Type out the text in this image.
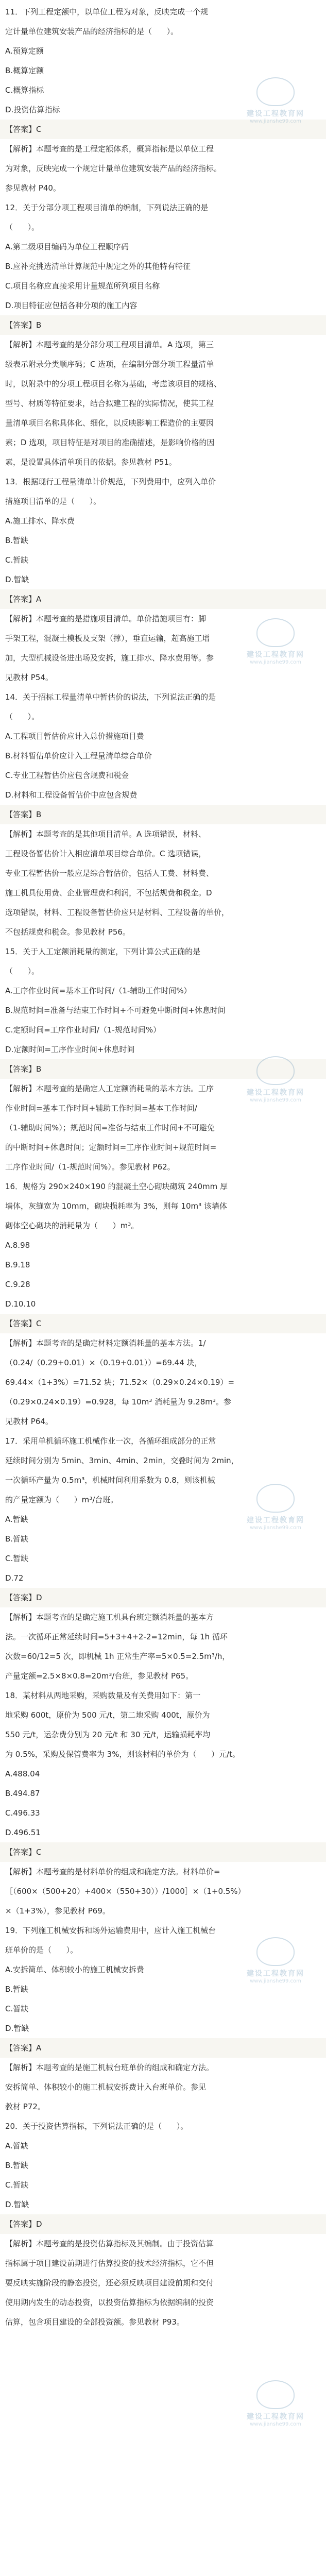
11．下列工程定额中，以单位工程为对象，反映完成一个规

定计量单位建筑安装产品的经济指标的是（      ）。

A.预算定额

B.概算定额

C.概算指标

D.投资估算指标

【答案】C

【解析】本题考查的是工程定额体系，概算指标是以单位工程

为对象，反映完成一个规定计量单位建筑安装产品的经济指标。

参见教材 P40。

12．关于分部分项工程项目清单的编制，下列说法正确的是

（      ）。

A.第二级项目编码为单位工程顺序码

B.应补充挑选清单计算规范中规定之外的其他特有特征

C.项目名称应直接采用计量规范所列项目名称

D.项目特征应包括各种分项的施工内容

【答案】B

【解析】本题考查的是分部分项工程项目清单。A 选项，第三

级表示附录分类顺序码；C 选项，在编制分部分项工程量清单

时，以附录中的分项工程项目名称为基础，考虑该项目的规格、

型号、材质等特征要求，结合拟建工程的实际情况，使其工程

量清单项目名称具体化、细化，以反映影响工程造价的主要因

素；D 选项，项目特征是对项目的准确描述，是影响价格的因

素，是设置具体清单项目的依据。参见教材 P51。

13．根据现行工程量清单计价规范，下列费用中，应列入单价

措施项目清单的是（      ）。

A.施工排水、降水费

B.暂缺

C.暂缺

D.暂缺

【答案】A

【解析】本题考查的是措施项目清单。单价措施项目有：脚

手架工程，混凝土模板及支架（撑），垂直运输，超高施工增

加，大型机械设备进出场及安拆，施工排水、降水费用等。参

见教材 P54。

14．关于招标工程量清单中暂估价的说法，下列说法正确的是

（      ）。

A.工程项目暂估价应计入总价措施项目费

B.材料暂估单价应计入工程量清单综合单价

C.专业工程暂估价应包含规费和税金

D.材料和工程设备暂估价中应包含规费

【答案】B

【解析】本题考查的是其他项目清单。A 选项错误，材料、

工程设备暂估价计入相应清单项目综合单价。C 选项错误，

专业工程暂估价一般应是综合暂估价，包括人工费、材料费、

施工机具使用费、企业管理费和利润，不包括规费和税金。D

选项错误，材料、工程设备暂估价应只是材料、工程设备的单价，

不包括规费和税金。参见教材 P56。

15．关于人工定额消耗量的测定，下列计算公式正确的是

（      ）。

A.工序作业时间=基本工作时间/（1-辅助工作时间%）

B.规范时间=准备与结束工作时间+不可避免中断时间+休息时间

C.定额时间=工序作业时间/（1-规范时间%）

D.定额时间=工序作业时间+休息时间

【答案】B

【解析】本题考查的是确定人工定额消耗量的基本方法。工序

作业时间=基本工作时间+辅助工作时间=基本工作时间/

（1-辅助时间%）；规范时间=准备与结束工作时间+不可避免

的中断时间+休息时间；定额时间=工序作业时间+规范时间=

工序作业时间/（1-规范时间%）。参见教材 P62。

16．规格为 290×240×190 的混凝土空心砌块砌筑 240mm 厚

墙体，灰缝宽为 10mm，砌块损耗率为 3%，则每 10m³ 该墙体

砌体空心砌块的消耗量为（      ）m³。

A.8.98

B.9.18

C.9.28

D.10.10

【答案】C

【解析】本题考查的是确定材料定额消耗量的基本方法。1/

（0.24/（0.29+0.01）×（0.19+0.01））=69.44 块，

69.44×（1+3%）=71.52 块；71.52×（0.29×0.24×0.19）=

（0.29×0.24×0.19）=0.928，每 10m³ 消耗量为 9.28m³。参

见教材 P64。

17．采用单机循环施工机械作业一次，各循环组成部分的正常

延续时间分别为 5min、3min、4min、2min，交叠时间为 2min，

一次循环产量为 0.5m³，机械时间利用系数为 0.8，则该机械

的产量定额为（      ）m³/台班。

A.暂缺

B.暂缺

C.暂缺

D.72

【答案】D

【解析】本题考查的是确定施工机具台班定额消耗量的基本方

法。一次循环正常延续时间=5+3+4+2-2=12min，每 1h 循环

次数=60/12=5 次，即机械 1h 正常生产率=5×0.5=2.5m³/h，

产量定额=2.5×8×0.8=20m³/台班，参见教材 P65。

18．某材料从两地采购，采购数量及有关费用如下：第一

地采购 600t，原价为 500 元/t，第二地采购 400t，原价为

550 元/t，运杂费分别为 20 元/t 和 30 元/t，运输损耗率均

为 0.5%，采购及保管费率为 3%，则该材料的单价为（      ）元/t。

A.488.04

B.494.87

C.496.33

D.496.51

【答案】C

【解析】本题考查的是材料单价的组成和确定方法。材料单价=

［（600×（500+20）+400×（550+30））/1000］×（1+0.5%）

×（1+3%），参见教材 P69。

19．下列施工机械安拆和场外运输费用中，应计入施工机械台

班单价的是（      ）。

A.安拆简单、体积较小的施工机械安拆费

B.暂缺

C.暂缺

D.暂缺

【答案】A

【解析】本题考查的是施工机械台班单价的组成和确定方法。

安拆简单、体积较小的施工机械安拆费计入台班单价。参见

教材 P72。

20．关于投资估算指标，下列说法正确的是（      ）。

A.暂缺

B.暂缺

C.暂缺

D.暂缺

【答案】D

【解析】本题考查的是投资估算指标及其编制。由于投资估算

指标属于项目建设前期进行估算投资的技术经济指标，它不但

要反映实施阶段的静态投资，还必须反映项目建设前期和交付

使用期内发生的动态投资，以投资估算指标为依据编制的投资

估算，包含项目建设的全部投资额。参见教材 P93。

建设工程教育网
www.jianshe99.com
建设工程教育网
www.jianshe99.com
建设工程教育网
www.jianshe99.com
建设工程教育网
www.jianshe99.com
建设工程教育网
www.jianshe99.com
建设工程教育网
www.jianshe99.com
